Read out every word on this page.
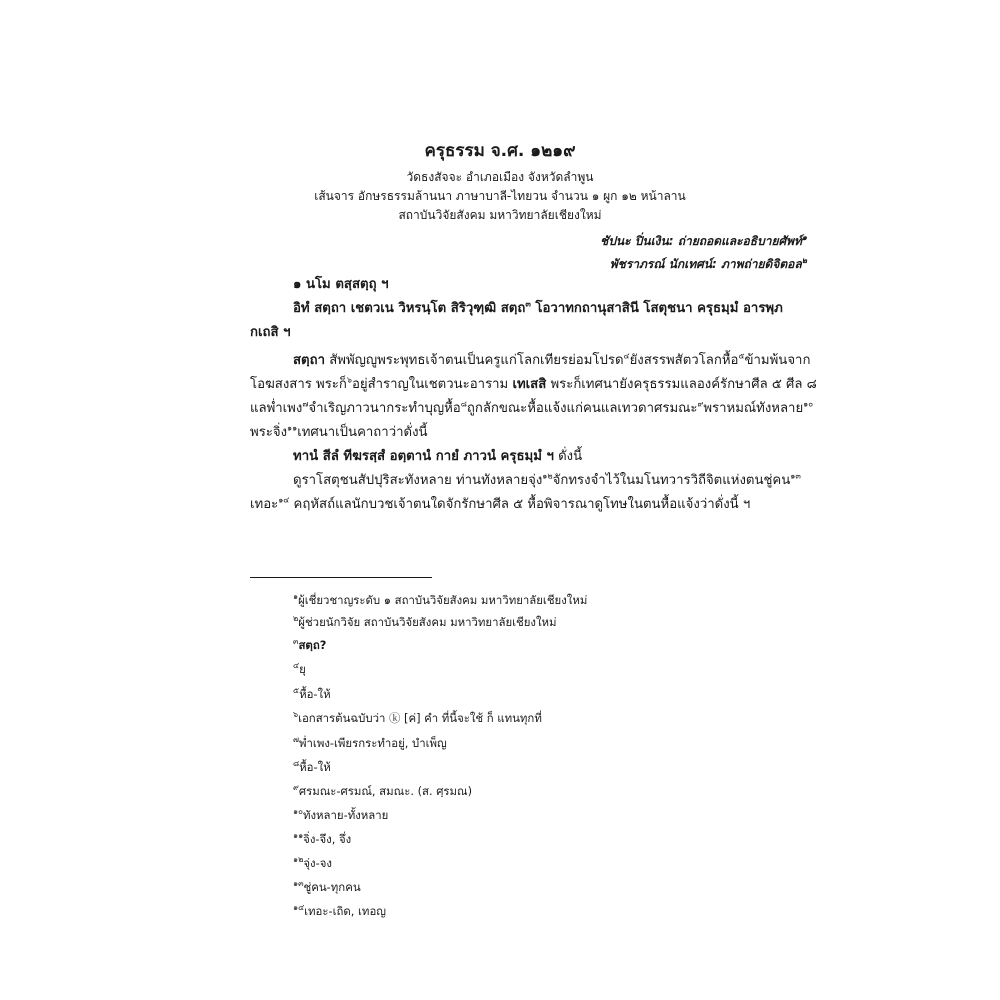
ครุธรรม จ.ศ. ๑๒๑๙
วัดธงสัจจะ อำเภอเมือง จังหวัดลำพูน
เส้นจาร อักษรธรรมล้านนา ภาษาบาลี-ไทยวน จำนวน ๑ ผูก ๑๒ หน้าลาน
สถาบันวิจัยสังคม มหาวิทยาลัยเชียงใหม่
ชัปนะ ปิ่นเงิน: ถ่ายถอดและอธิบายศัพท์$^๑$
พัชราภรณ์ นักเทศน์: ภาพถ่ายดิจิตอล$^๒$
๑ นโม ตสฺสตฺถุ ฯ
อิทํ สตฺถา เชตวเน วิหรนฺโต สิริวุฑฺฒิ สตฺถ$^๓$ โอวาทกถานุสาสินี โสตุชนา ครุธมฺมํ อารพฺภ
กเถสิ ฯ
สตฺถา สัพพัญญูพระพุทธเจ้าตนเป็นครูแก่โลกเทียรย่อมโปรด$^๔$ยังสรรพสัตวโลกหื้อ$^๕$ข้ามพ้นจาก
โอฆสงสาร พระก็$^๖$อยู่สำราญในเชตวนะอาราม เทเสสิ พระก็เทศนายังครุธรรมแลองค์รักษาศีล ๕ ศีล ๘
แลพ่ำเพง$^๗$จำเริญภาวนากระทำบุญหื้อ$^๘$ถูกลักขณะหื้อแจ้งแก่คนแลเทวดาศรมณะ$^๙$พราหมณ์ทังหลาย$^{๑๐}$
พระจิ่ง$^{๑๑}$เทศนาเป็นคาถาว่าดั่งนี้
ทานํ สีลํ ทีฆรสฺสํ อตฺตานํ กายํ ภาวนํ ครุธมฺมํ ฯ ดั่งนี้
ดูราโสตุชนสัปปุริสะทังหลาย ท่านทังหลายจุ่ง$^{๑๒}$จักทรงจำไว้ในมโนทวารวิถีจิตแห่งตนชู่คน$^{๑๓}$
เทอะ$^{๑๔}$ คฤหัสถ์แลนักบวชเจ้าตนใดจักรักษาศีล ๕ หื้อพิจารณาดูโทษในตนหื้อแจ้งว่าดั่งนี้ ฯ
$^๑$ผู้เชี่ยวชาญระดับ ๑ สถาบันวิจัยสังคม มหาวิทยาลัยเชียงใหม่
$^๒$ผู้ช่วยนักวิจัย สถาบันวิจัยสังคม มหาวิทยาลัยเชียงใหม่
$^๓$สตฺถ?
$^๔$ยุ
$^๕$หื้อ-ให้
$^๖$เอกสารต้นฉบับว่า ⓚ [ค่] คำ ที่นี้จะใช้ ก็ แทนทุกที่
$^๗$พ่ำเพง-เพียรกระทำอยู่, บำเพ็ญ
$^๘$หื้อ-ให้
$^๙$ศรมณะ-ศรมณ์, สมณะ. (ส. ศฺรมณ)
$^{๑๐}$ทังหลาย-ทั้งหลาย
$^{๑๑}$จิ่ง-จึง, จึ่ง
$^{๑๒}$จุ่ง-จง
$^{๑๓}$ชู่คน-ทุกคน
$^{๑๔}$เทอะ-เถิด, เทอญ
